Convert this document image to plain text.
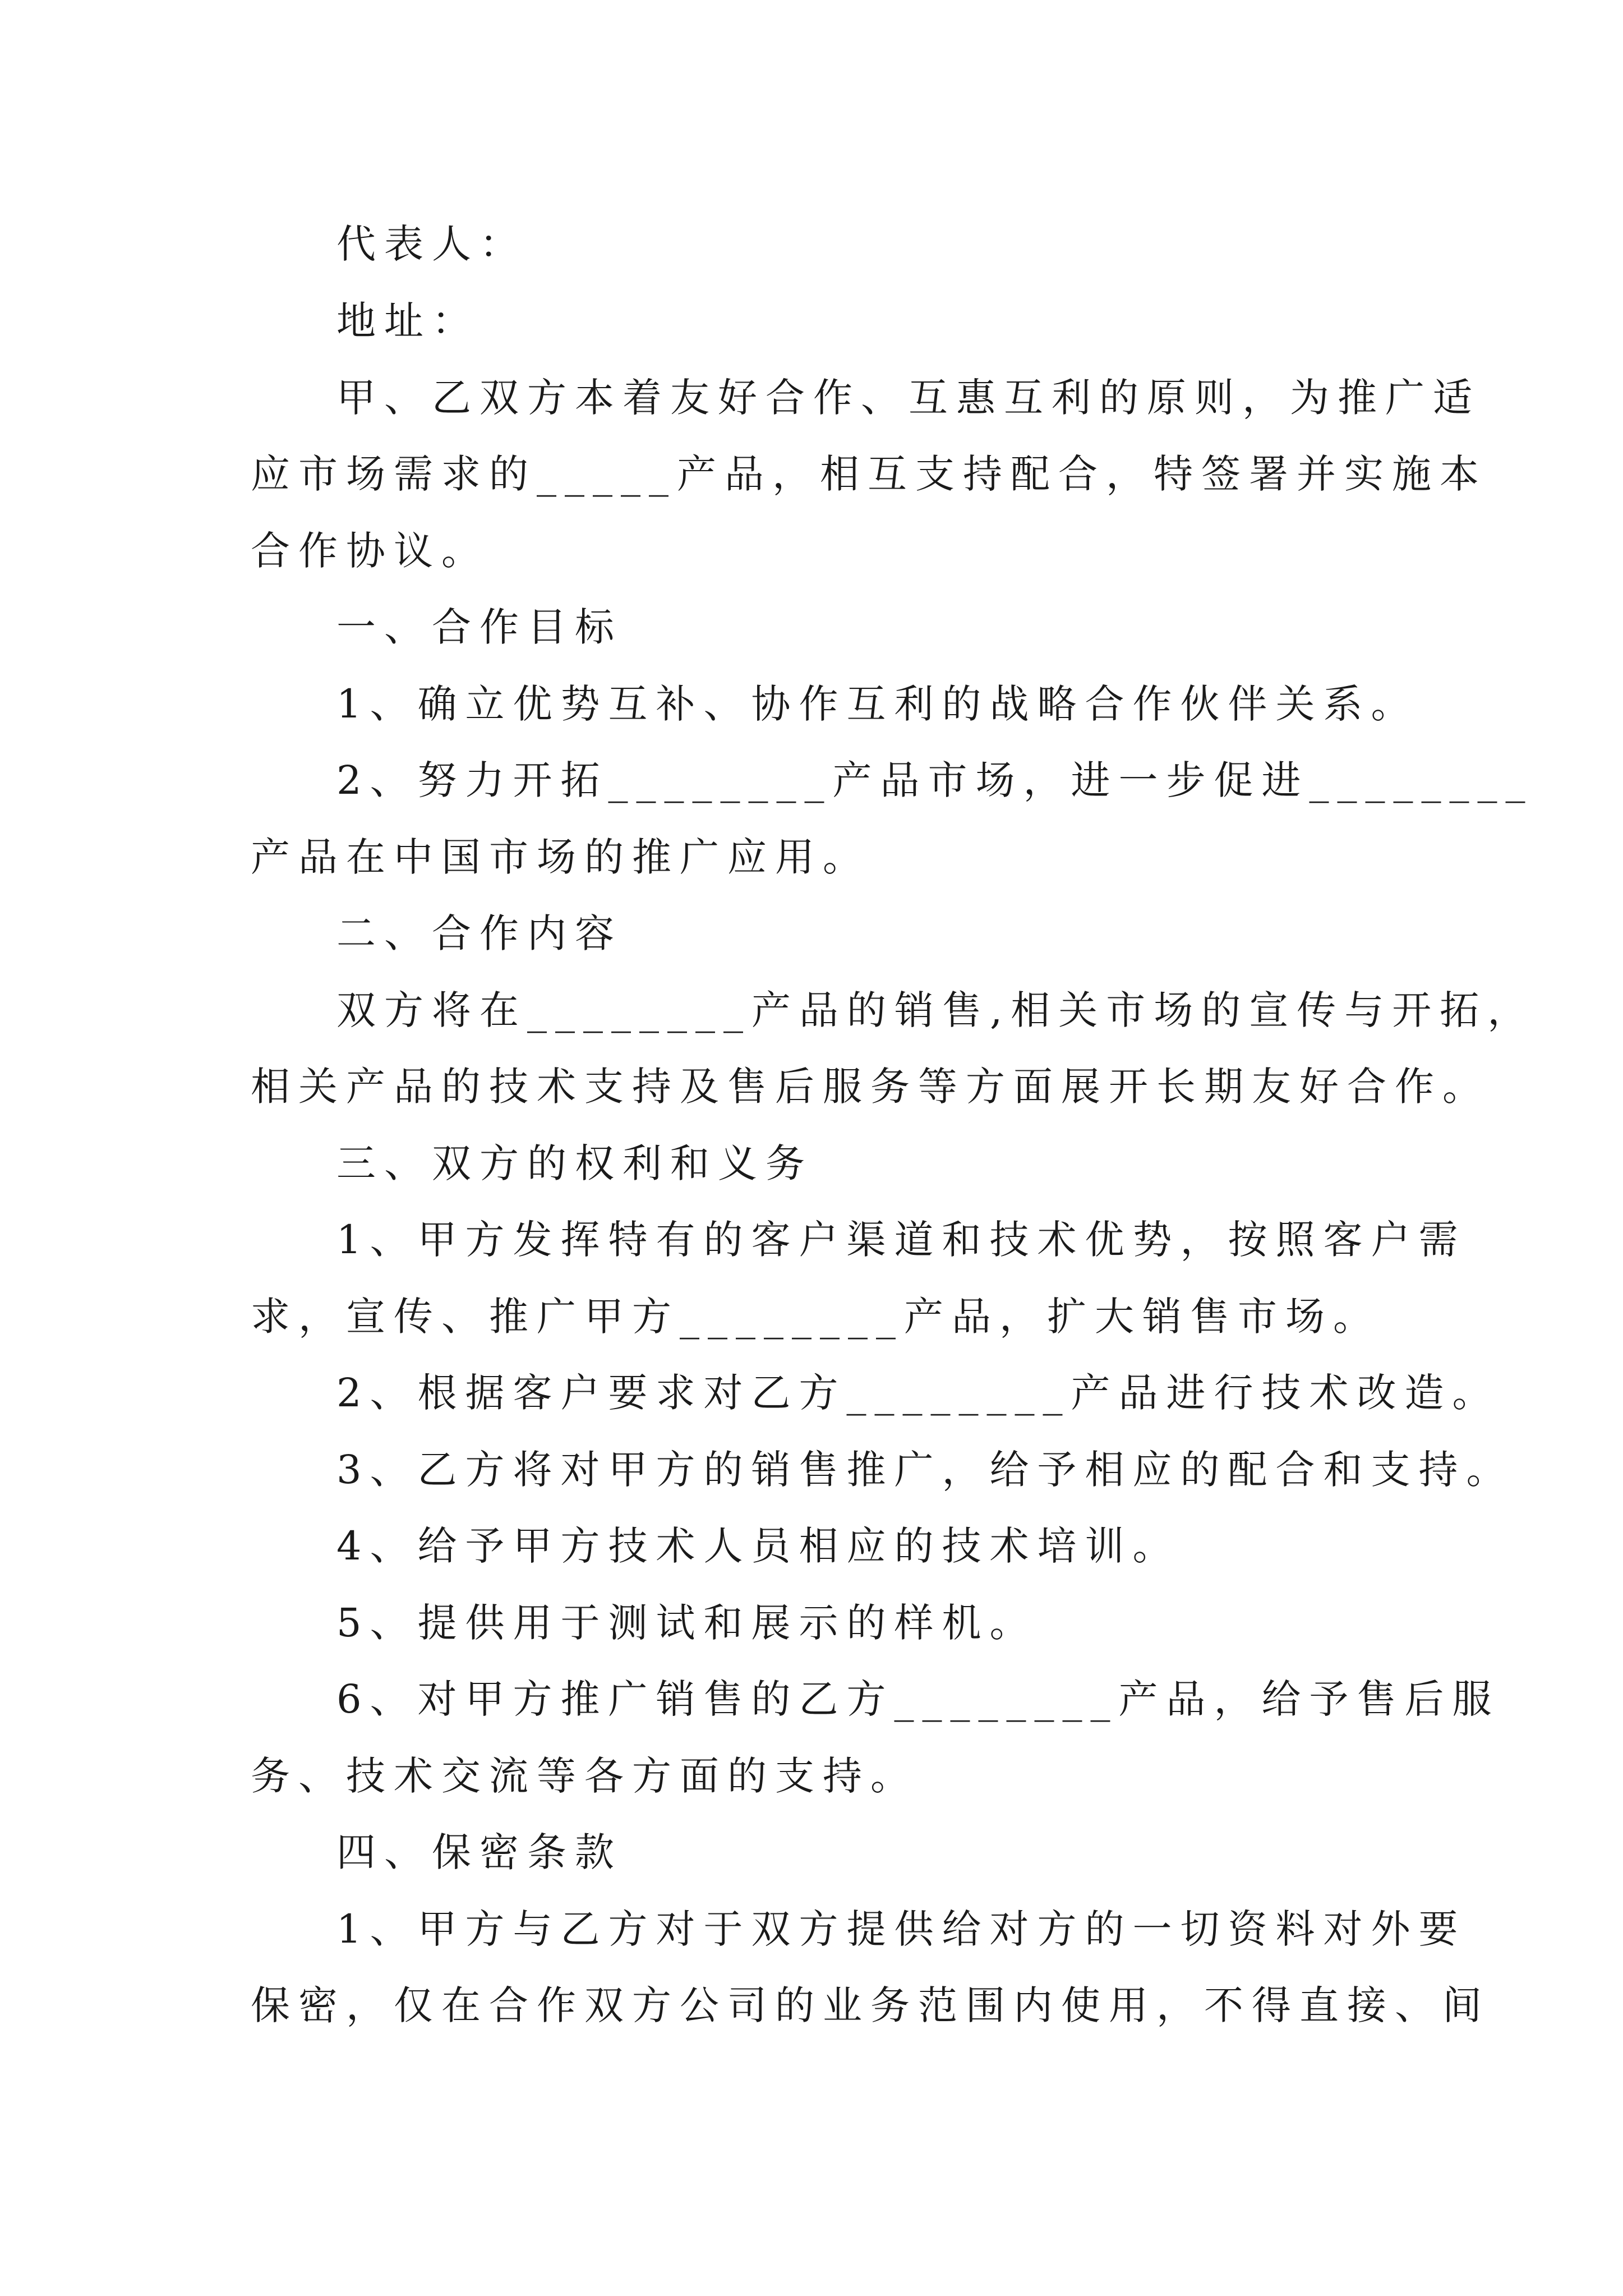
代表人：

地址：

甲、乙双方本着友好合作、互惠互利的原则，为推广适

应市场需求的_____产品，相互支持配合，特签署并实施本

合作协议。

一、合作目标

1、确立优势互补、协作互利的战略合作伙伴关系。

2、努力开拓________产品市场，进一步促进________

产品在中国市场的推广应用。

二、合作内容

双方将在________产品的销售,相关市场的宣传与开拓，

相关产品的技术支持及售后服务等方面展开长期友好合作。

三、双方的权利和义务

1、甲方发挥特有的客户渠道和技术优势，按照客户需

求，宣传、推广甲方________产品，扩大销售市场。

2、根据客户要求对乙方________产品进行技术改造。

3、乙方将对甲方的销售推广，给予相应的配合和支持。

4、给予甲方技术人员相应的技术培训。

5、提供用于测试和展示的样机。

6、对甲方推广销售的乙方________产品，给予售后服

务、技术交流等各方面的支持。

四、保密条款

1、甲方与乙方对于双方提供给对方的一切资料对外要

保密，仅在合作双方公司的业务范围内使用，不得直接、间
